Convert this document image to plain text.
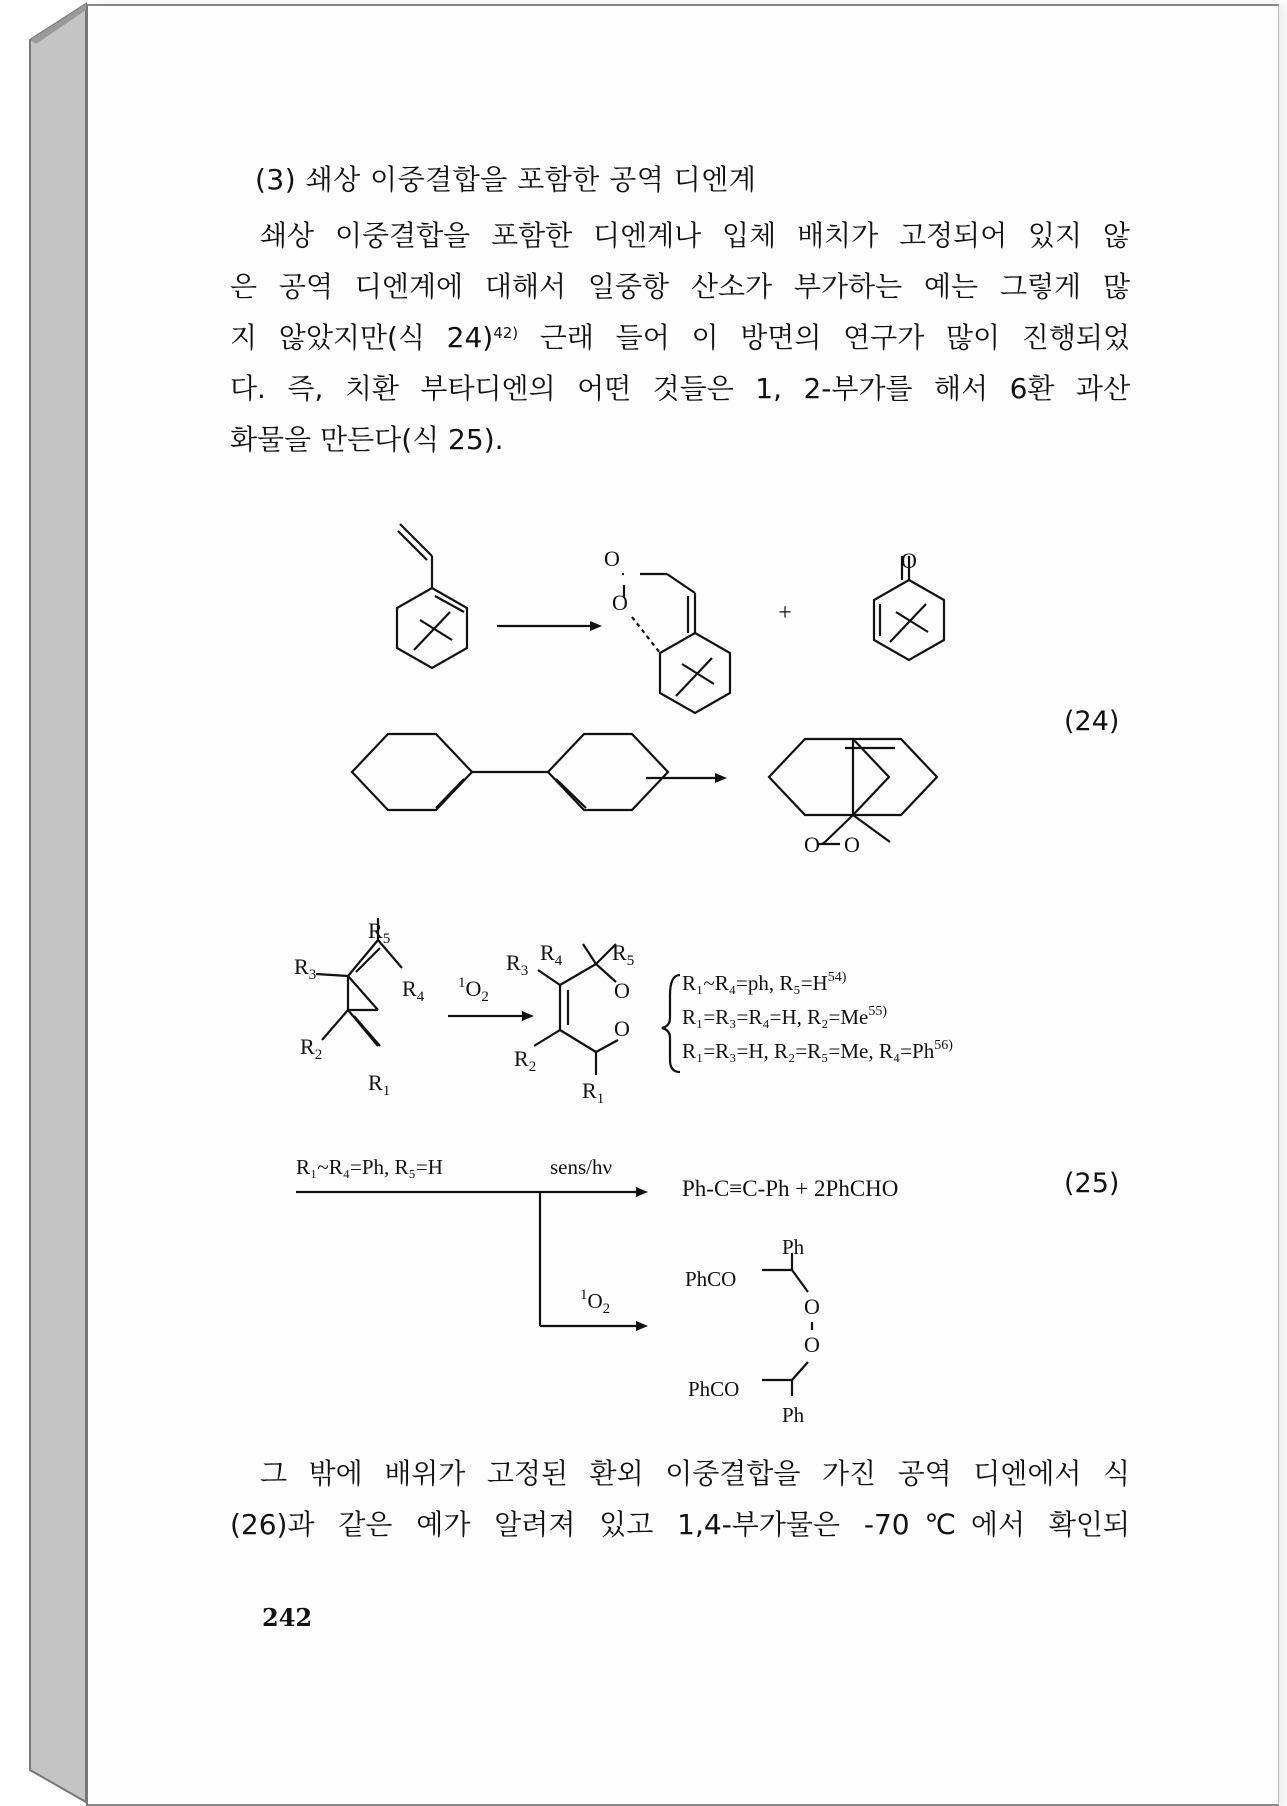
(3) 쇄상 이중결합을 포함한 공역 디엔계

쇄상 이중결합을 포함한 디엔계나 입체 배치가 고정되어 있지 않
은 공역 디엔계에 대해서 일중항 산소가 부가하는 예는 그렇게 많
지 않았지만(식 24)$^{42)}$ 근래 들어 이 방면의 연구가 많이 진행되었
다. 즉, 치환 부타디엔의 어떤 것들은 1, 2-부가를 해서 6환 과산
화물을 만든다(식 25).

O
O	+
O
O O
O
O
O
O
$R_5$
$R_3$
$R_4$
$R_2$
$R_1$
$^1O_2$
$R_4$ $R_5$
$R_3$
$R_2$
$R_1$
R₁~R₄=ph, $R_5=H^{54)}$
R₁=R₃=R₄=H, $R_2=Me^{55)}$
R₁=R₃=H, R₂=R₅=Me, $R_4=Ph^{56)}$
R₁~R₄=Ph, R₅=H	sens/hν
Ph-C≡C-Ph + 2PhCHO
$^1O_2$
Ph
PhCO
PhCO
Ph
(24)
(25)

그 밖에 배위가 고정된 환외 이중결합을 가진 공역 디엔에서 식
(26)과 같은 예가 알려져 있고 1,4-부가물은 -70℃에서 확인되

242
